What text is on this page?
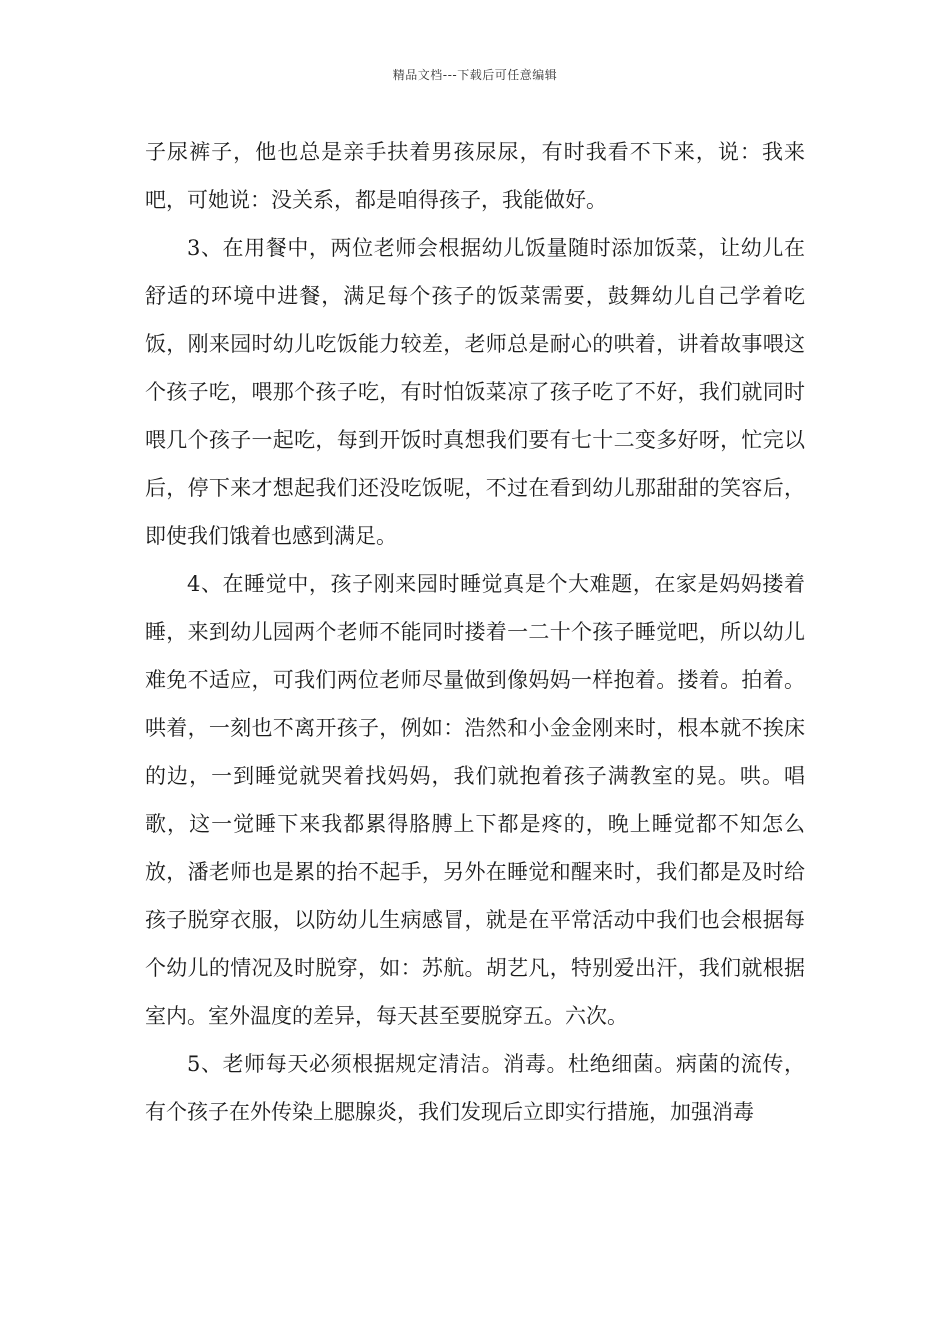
精品文档---下载后可任意编辑

子尿裤子，他也总是亲手扶着男孩尿尿，有时我看不下来，说：我来吧，可她说：没关系，都是咱得孩子，我能做好。

3、在用餐中，两位老师会根据幼儿饭量随时添加饭菜，让幼儿在舒适的环境中进餐，满足每个孩子的饭菜需要，鼓舞幼儿自己学着吃饭，刚来园时幼儿吃饭能力较差，老师总是耐心的哄着，讲着故事喂这个孩子吃，喂那个孩子吃，有时怕饭菜凉了孩子吃了不好，我们就同时喂几个孩子一起吃，每到开饭时真想我们要有七十二变多好呀，忙完以后，停下来才想起我们还没吃饭呢，不过在看到幼儿那甜甜的笑容后，即使我们饿着也感到满足。

4、在睡觉中，孩子刚来园时睡觉真是个大难题，在家是妈妈搂着睡，来到幼儿园两个老师不能同时搂着一二十个孩子睡觉吧，所以幼儿难免不适应，可我们两位老师尽量做到像妈妈一样抱着。搂着。拍着。哄着，一刻也不离开孩子，例如：浩然和小金金刚来时，根本就不挨床的边，一到睡觉就哭着找妈妈，我们就抱着孩子满教室的晃。哄。唱歌，这一觉睡下来我都累得胳膊上下都是疼的，晚上睡觉都不知怎么放，潘老师也是累的抬不起手，另外在睡觉和醒来时，我们都是及时给孩子脱穿衣服，以防幼儿生病感冒，就是在平常活动中我们也会根据每个幼儿的情况及时脱穿，如：苏航。胡艺凡，特别爱出汗，我们就根据室内。室外温度的差异，每天甚至要脱穿五。六次。

5、老师每天必须根据规定清洁。消毒。杜绝细菌。病菌的流传，有个孩子在外传染上腮腺炎，我们发现后立即实行措施，加强消毒
